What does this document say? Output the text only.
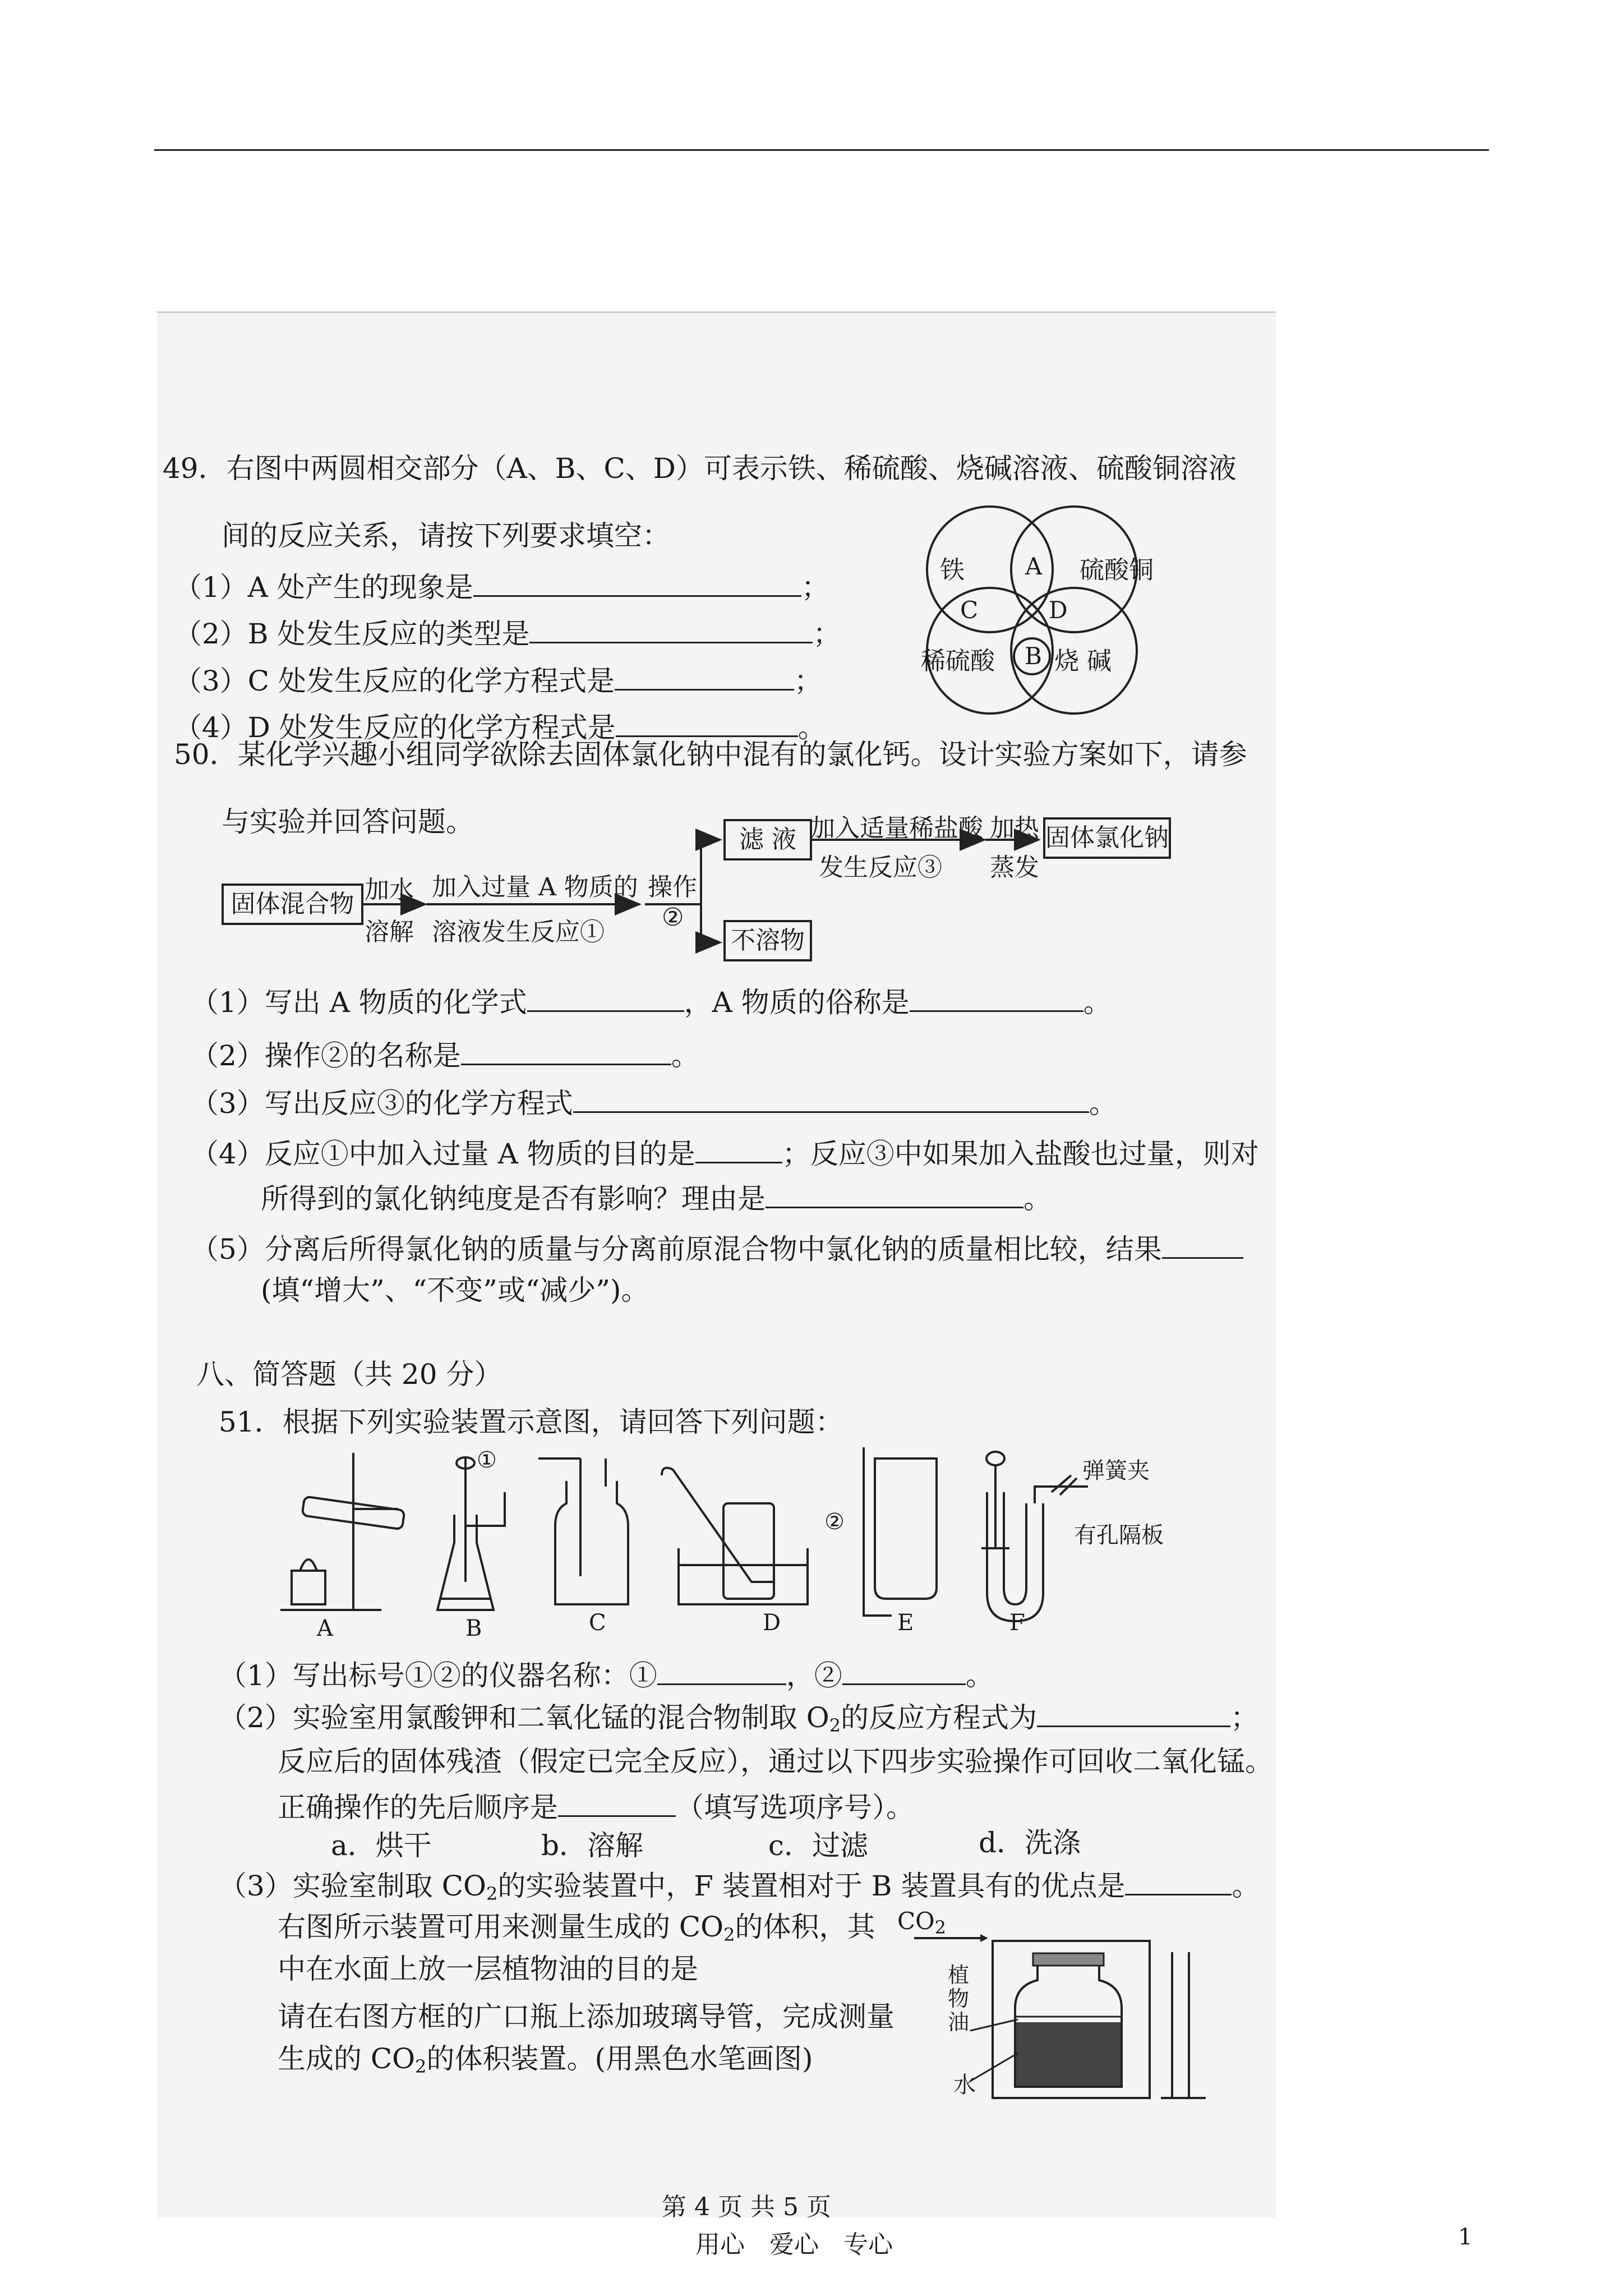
49．右图中两圆相交部分（A、B、C、D）可表示铁、稀硫酸、烧碱溶液、硫酸铜溶液
间的反应关系，请按下列要求填空：
（1）A 处产生的现象是	；
（2）B 处发生反应的类型是	；
（3）C 处发生反应的化学方程式是	；
（4）D 处发生反应的化学方程式是	。
铁	硫酸铜
稀硫酸 烧 碱
A
C	D
B
50．某化学兴趣小组同学欲除去固体氯化钠中混有的氯化钙。设计实验方案如下，请参
与实验并回答问题。
固体混合物 加水
溶解
加入过量 A 物质的
溶液发生反应①
操作
②
滤 液
不溶物
加入适量稀盐酸
发生反应③
加热
蒸发
固体氯化钠
（1）写出 A 物质的化学式	，A 物质的俗称是	。
（2）操作②的名称是	。
（3）写出反应③的化学方程式	。
（4）反应①中加入过量 A 物质的目的是	；反应③中如果加入盐酸也过量，则对
所得到的氯化钠纯度是否有影响？理由是	。
（5）分离后所得氯化钠的质量与分离前原混合物中氯化钠的质量相比较，结果
(填“增大”、“不变”或“减少”)。
八、简答题（共 20 分）
51．根据下列实验装置示意图，请回答下列问题：
A	B	C	D	E	F
①
②
弹簧夹
有孔隔板
（1）写出标号①②的仪器名称：①	，②	。
（2）实验室用氯酸钾和二氧化锰的混合物制取 $O_2$的反应方程式为	；
反应后的固体残渣（假定已完全反应），通过以下四步实验操作可回收二氧化锰。
正确操作的先后顺序是	（填写选项序号）。
a．烘干	b．溶解	c．过滤	d．洗涤
（3）实验室制取 $CO_2$的实验装置中，F 装置相对于 B 装置具有的优点是	。
右图所示装置可用来测量生成的 $CO_2$的体积，其
中在水面上放一层植物油的目的是
请在右图方框的广口瓶上添加玻璃导管，完成测量
生成的 $CO_2$的体积装置。(用黑色水笔画图)
$CO_2$
植
物
油
水
第 4 页 共 5 页
用心　爱心　专心	1
